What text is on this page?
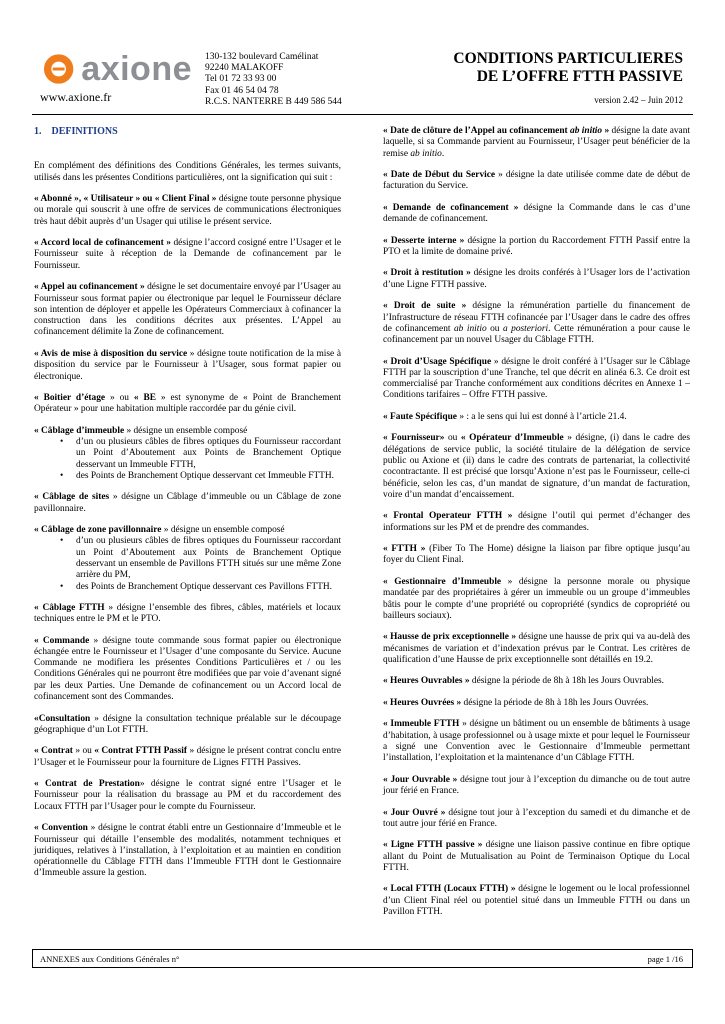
axione
www.axione.fr
130-132 boulevard Camélinat
92240 MALAKOFF
Tel 01 72 33 93 00
Fax 01 46 54 04 78
R.C.S. NANTERRE B 449 586 544
CONDITIONS PARTICULIERES
DE L’OFFRE FTTH PASSIVE
version 2.42 – Juin 2012
1. DEFINITIONS

En complément des définitions des Conditions Générales, les termes suivants, utilisés dans les présentes Conditions particulières, ont la signification qui suit :

« Abonné », « Utilisateur » ou « Client Final » désigne toute personne physique ou morale qui souscrit à une offre de services de communications électroniques très haut débit auprès d’un Usager qui utilise le présent service.

« Accord local de cofinancement » désigne l’accord cosigné entre l’Usager et le Fournisseur suite à réception de la Demande de cofinancement par le Fournisseur.

« Appel au cofinancement » désigne le set documentaire envoyé par l’Usager au Fournisseur sous format papier ou électronique par lequel le Fournisseur déclare son intention de déployer et appelle les Opérateurs Commerciaux à cofinancer la construction dans les conditions décrites aux présentes. L’Appel au cofinancement délimite la Zone de cofinancement.

« Avis de mise à disposition du service » désigne toute notification de la mise à disposition du service par le Fournisseur à l’Usager, sous format papier ou électronique.

« Boitier d’étage » ou « BE » est synonyme de « Point de Branchement Opérateur » pour une habitation multiple raccordée par du génie civil.

« Câblage d’immeuble » désigne un ensemble composé

• d’un ou plusieurs câbles de fibres optiques du Fournisseur raccordant un Point d’Aboutement aux Points de Branchement Optique desservant un Immeuble FTTH,
• des Points de Branchement Optique desservant cet Immeuble FTTH.

« Câblage de sites » désigne un Câblage d’immeuble ou un Câblage de zone pavillonnaire.

« Câblage de zone pavillonnaire » désigne un ensemble composé

• d’un ou plusieurs câbles de fibres optiques du Fournisseur raccordant un Point d’Aboutement aux Points de Branchement Optique desservant un ensemble de Pavillons FTTH situés sur une même Zone arrière du PM,
• des Points de Branchement Optique desservant ces Pavillons FTTH.

« Câblage FTTH » désigne l’ensemble des fibres, câbles, matériels et locaux techniques entre le PM et le PTO.

« Commande » désigne toute commande sous format papier ou électronique échangée entre le Fournisseur et l’Usager d’une composante du Service. Aucune Commande ne modifiera les présentes Conditions Particulières et / ou les Conditions Générales qui ne pourront être modifiées que par voie d’avenant signé par les deux Parties. Une Demande de cofinancement ou un Accord local de cofinancement sont des Commandes.

«Consultation » désigne la consultation technique préalable sur le découpage géographique d’un Lot FTTH.

« Contrat » ou « Contrat FTTH Passif » désigne le présent contrat conclu entre l’Usager et le Fournisseur pour la fourniture de Lignes FTTH Passives.

« Contrat de Prestation» désigne le contrat signé entre l’Usager et le Fournisseur pour la réalisation du brassage au PM et du raccordement des Locaux FTTH par l’Usager pour le compte du Fournisseur.

« Convention » désigne le contrat établi entre un Gestionnaire d’Immeuble et le Fournisseur qui détaille l’ensemble des modalités, notamment techniques et juridiques, relatives à l’installation, à l’exploitation et au maintien en condition opérationnelle du Câblage FTTH dans l’Immeuble FTTH dont le Gestionnaire d’Immeuble assure la gestion.

« Date de clôture de l’Appel au cofinancement ab initio » désigne la date avant laquelle, si sa Commande parvient au Fournisseur, l’Usager peut bénéficier de la remise ab initio.

« Date de Début du Service » désigne la date utilisée comme date de début de facturation du Service.

« Demande de cofinancement » désigne la Commande dans le cas d’une demande de cofinancement.

« Desserte interne » désigne la portion du Raccordement FTTH Passif entre la PTO et la limite de domaine privé.

« Droit à restitution » désigne les droits conférés à l’Usager lors de l’activation d’une Ligne FTTH passive.

« Droit de suite » désigne la rémunération partielle du financement de l’Infrastructure de réseau FTTH cofinancée par l’Usager dans le cadre des offres de cofinancement ab initio ou a posteriori. Cette rémunération a pour cause le cofinancement par un nouvel Usager du Câblage FTTH.

« Droit d’Usage Spécifique » désigne le droit conféré à l’Usager sur le Câblage FTTH par la souscription d’une Tranche, tel que décrit en alinéa 6.3. Ce droit est commercialisé par Tranche conformément aux conditions décrites en Annexe 1 – Conditions tarifaires – Offre FTTH passive.

« Faute Spécifique » : a le sens qui lui est donné à l’article 21.4.

« Fournisseur» ou « Opérateur d’Immeuble » désigne, (i) dans le cadre des délégations de service public, la société titulaire de la délégation de service public ou Axione et (ii) dans le cadre des contrats de partenariat, la collectivité cocontractante. Il est précisé que lorsqu’Axione n’est pas le Fournisseur, celle-ci bénéficie, selon les cas, d’un mandat de signature, d’un mandat de facturation, voire d’un mandat d’encaissement.

« Frontal Operateur FTTH » désigne l’outil qui permet d’échanger des informations sur les PM et de prendre des commandes.

« FTTH » (Fiber To The Home) désigne la liaison par fibre optique jusqu’au foyer du Client Final.

« Gestionnaire d’Immeuble » désigne la personne morale ou physique mandatée par des propriétaires à gérer un immeuble ou un groupe d’immeubles bâtis pour le compte d’une propriété ou copropriété (syndics de copropriété ou bailleurs sociaux).

« Hausse de prix exceptionnelle » désigne une hausse de prix qui va au-delà des mécanismes de variation et d’indexation prévus par le Contrat. Les critères de qualification d’une Hausse de prix exceptionnelle sont détaillés en 19.2.

« Heures Ouvrables » désigne la période de 8h à 18h les Jours Ouvrables.

« Heures Ouvrées » désigne la période de 8h à 18h les Jours Ouvrées.

« Immeuble FTTH » désigne un bâtiment ou un ensemble de bâtiments à usage d’habitation, à usage professionnel ou à usage mixte et pour lequel le Fournisseur a signé une Convention avec le Gestionnaire d’Immeuble permettant l’installation, l’exploitation et la maintenance d’un Câblage FTTH.

« Jour Ouvrable » désigne tout jour à l’exception du dimanche ou de tout autre jour férié en France.

« Jour Ouvré » désigne tout jour à l’exception du samedi et du dimanche et de tout autre jour férié en France.

« Ligne FTTH passive » désigne une liaison passive continue en fibre optique allant du Point de Mutualisation au Point de Terminaison Optique du Local FTTH.

« Local FTTH (Locaux FTTH) » désigne le logement ou le local professionnel d’un Client Final réel ou potentiel situé dans un Immeuble FTTH ou dans un Pavillon FTTH.

ANNEXES aux Conditions Générales n°	page 1 /16
